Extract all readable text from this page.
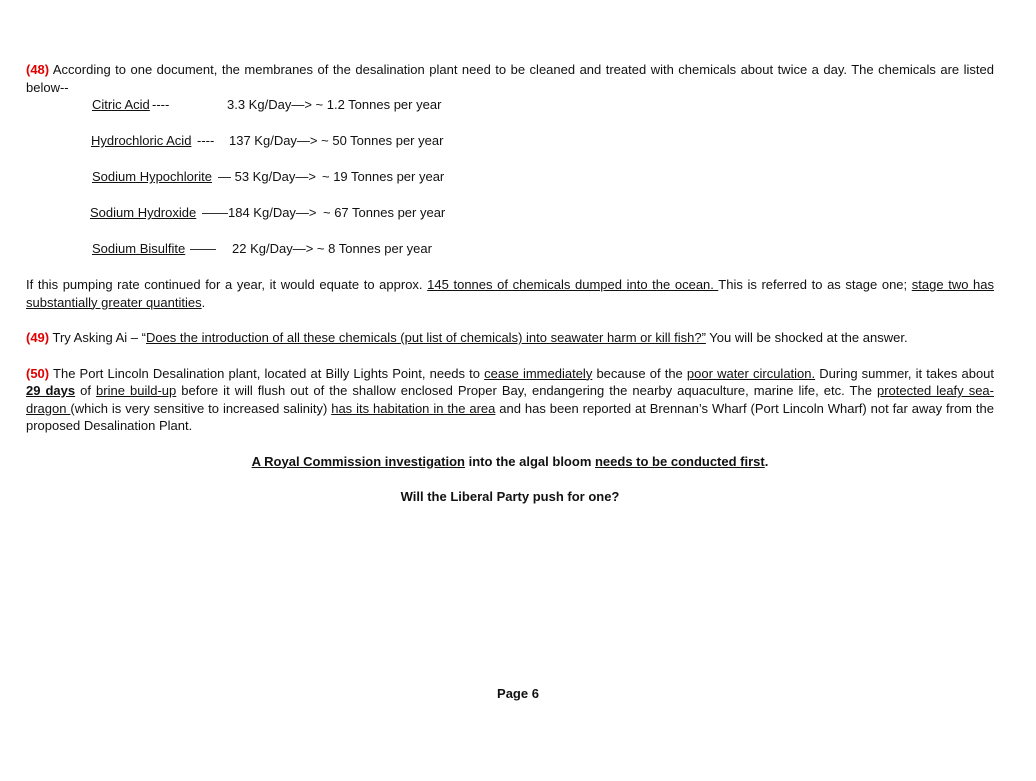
(48) According to one document, the membranes of the desalination plant need to be cleaned and treated with chemicals about twice a day. The chemicals are listed below--

Citric Acid ----	3.3 Kg/Day—> ~ 1.2 Tonnes per year
Hydrochloric Acid ---- 137 Kg/Day—> ~ 50 Tonnes per year
Sodium Hypochlorite — 53 Kg/Day—> ~ 19 Tonnes per year
Sodium Hydroxide ——184 Kg/Day—> ~ 67 Tonnes per year
Sodium Bisulfite —— 22 Kg/Day—> ~ 8 Tonnes per year

If this pumping rate continued for a year, it would equate to approx. 145 tonnes of chemicals dumped into the ocean. This is referred to as stage one; stage two has substantially greater quantities.

(49) Try Asking Ai – “Does the introduction of all these chemicals (put list of chemicals) into seawater harm or kill fish?” You will be shocked at the answer.

(50) The Port Lincoln Desalination plant, located at Billy Lights Point, needs to cease immediately because of the poor water circulation. During summer, it takes about 29 days of brine build-up before it will flush out of the shallow enclosed Proper Bay, endangering the nearby aquaculture, marine life, etc. The protected leafy sea-dragon (which is very sensitive to increased salinity) has its habitation in the area and has been reported at Brennan’s Wharf (Port Lincoln Wharf) not far away from the proposed Desalination Plant.

A Royal Commission investigation into the algal bloom needs to be conducted first.

Will the Liberal Party push for one?

Page 6
